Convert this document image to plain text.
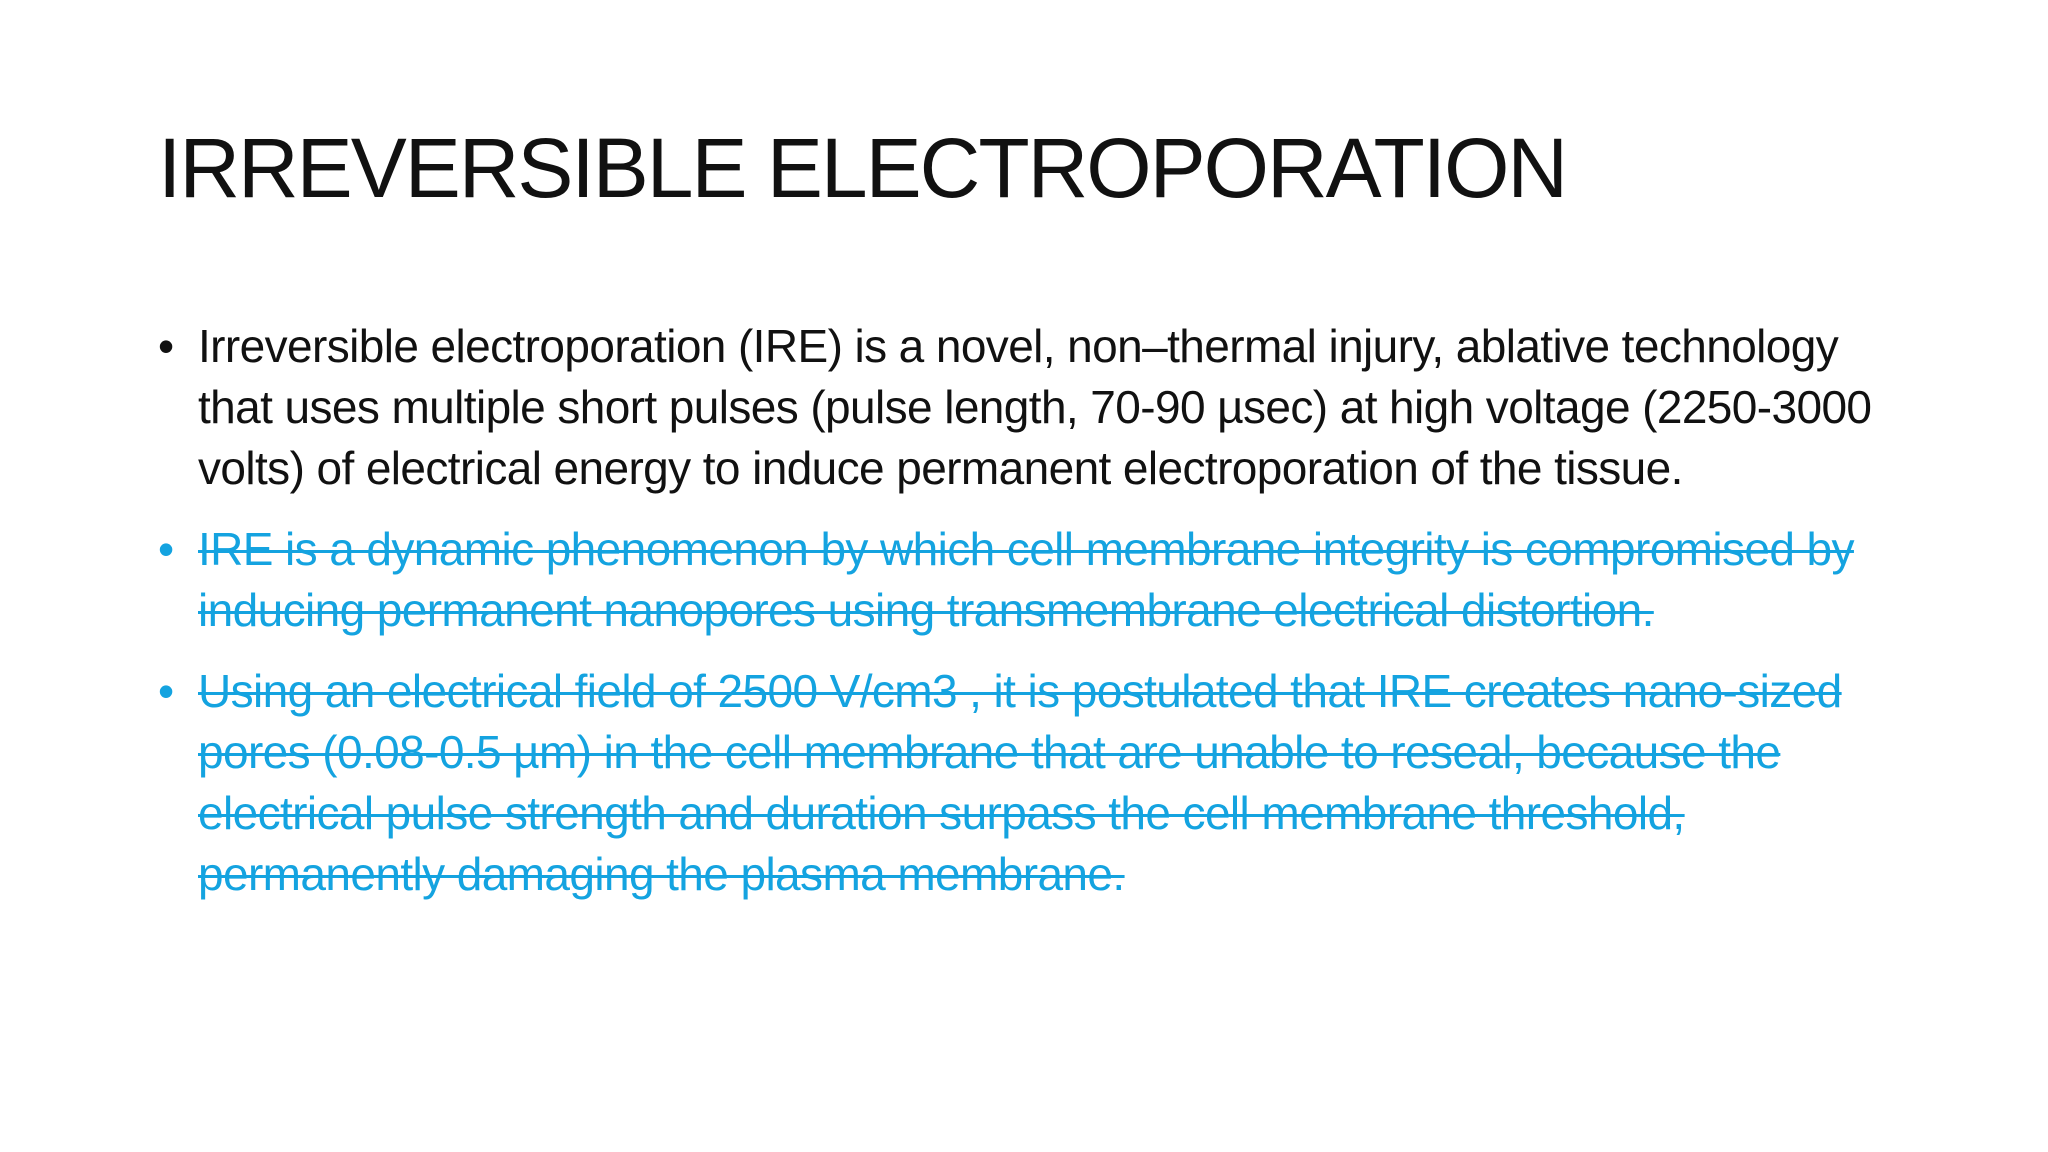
IRREVERSIBLE ELECTROPORATION
• Irreversible electroporation (IRE) is a novel, non–thermal injury, ablative technology that uses multiple short pulses (pulse length, 70-90 µsec) at high voltage (2250-3000 volts) of electrical energy to induce permanent electroporation of the tissue.
• IRE is a dynamic phenomenon by which cell membrane integrity is compromised by inducing permanent nanopores using transmembrane electrical distortion.
• Using an electrical field of 2500 V/cm3 , it is postulated that IRE creates nano-sized pores (0.08-0.5 µm) in the cell membrane that are unable to reseal, because the electrical pulse strength and duration surpass the cell membrane threshold, permanently damaging the plasma membrane.
